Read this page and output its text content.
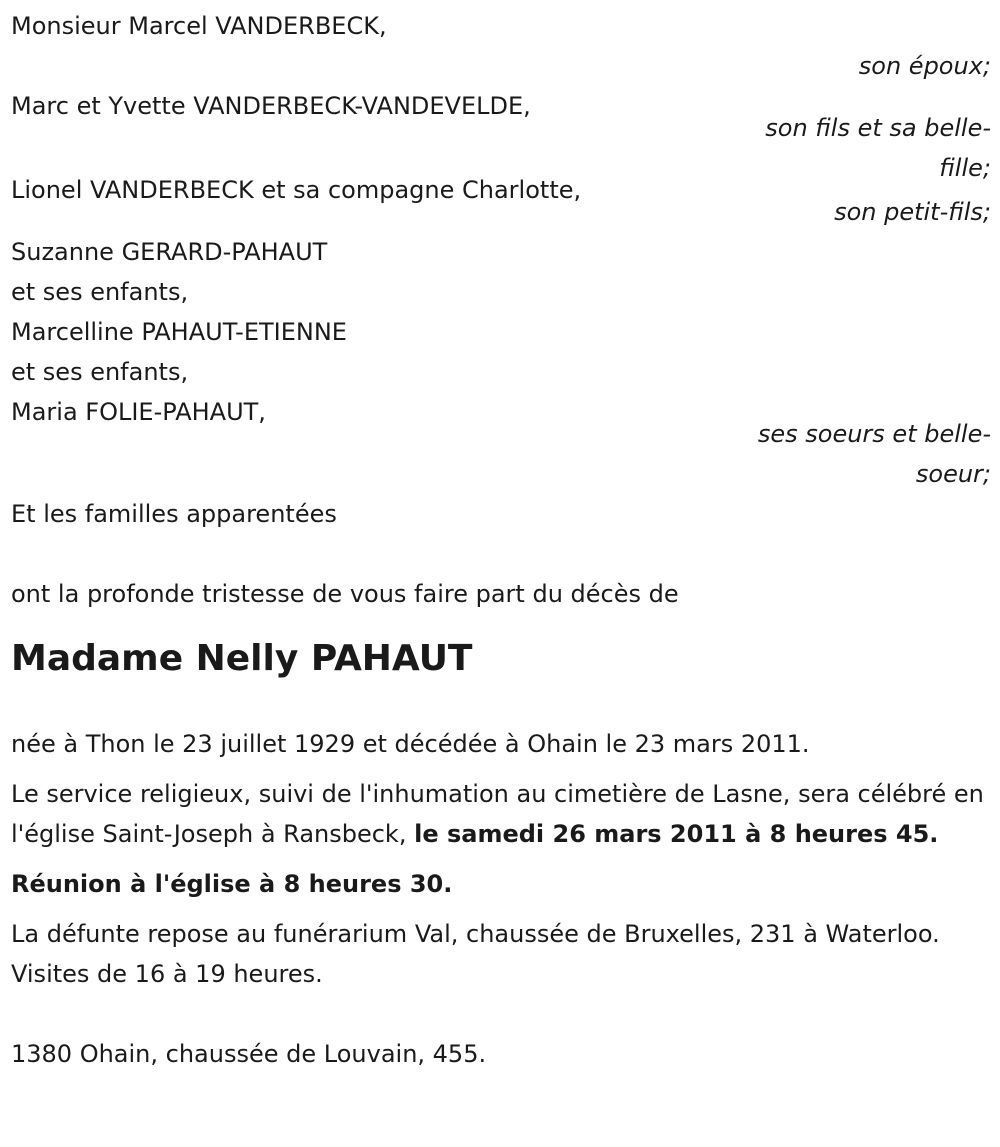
Monsieur Marcel VANDERBECK,
son époux;
Marc et Yvette VANDERBECK-VANDEVELDE,
son fils et sa belle-
fille;
Lionel VANDERBECK et sa compagne Charlotte,
son petit-fils;
Suzanne GERARD-PAHAUT
et ses enfants,
Marcelline PAHAUT-ETIENNE
et ses enfants,
Maria FOLIE-PAHAUT,
ses soeurs et belle-
soeur;
Et les familles apparentées
ont la profonde tristesse de vous faire part du décès de
Madame Nelly PAHAUT
née à Thon le 23 juillet 1929 et décédée à Ohain le 23 mars 2011.
Le service religieux, suivi de l'inhumation au cimetière de Lasne, sera célébré en l'église Saint-Joseph à Ransbeck, le samedi 26 mars 2011 à 8 heures 45.
Réunion à l'église à 8 heures 30.
La défunte repose au funérarium Val, chaussée de Bruxelles, 231 à Waterloo. Visites de 16 à 19 heures.
1380 Ohain, chaussée de Louvain, 455.
